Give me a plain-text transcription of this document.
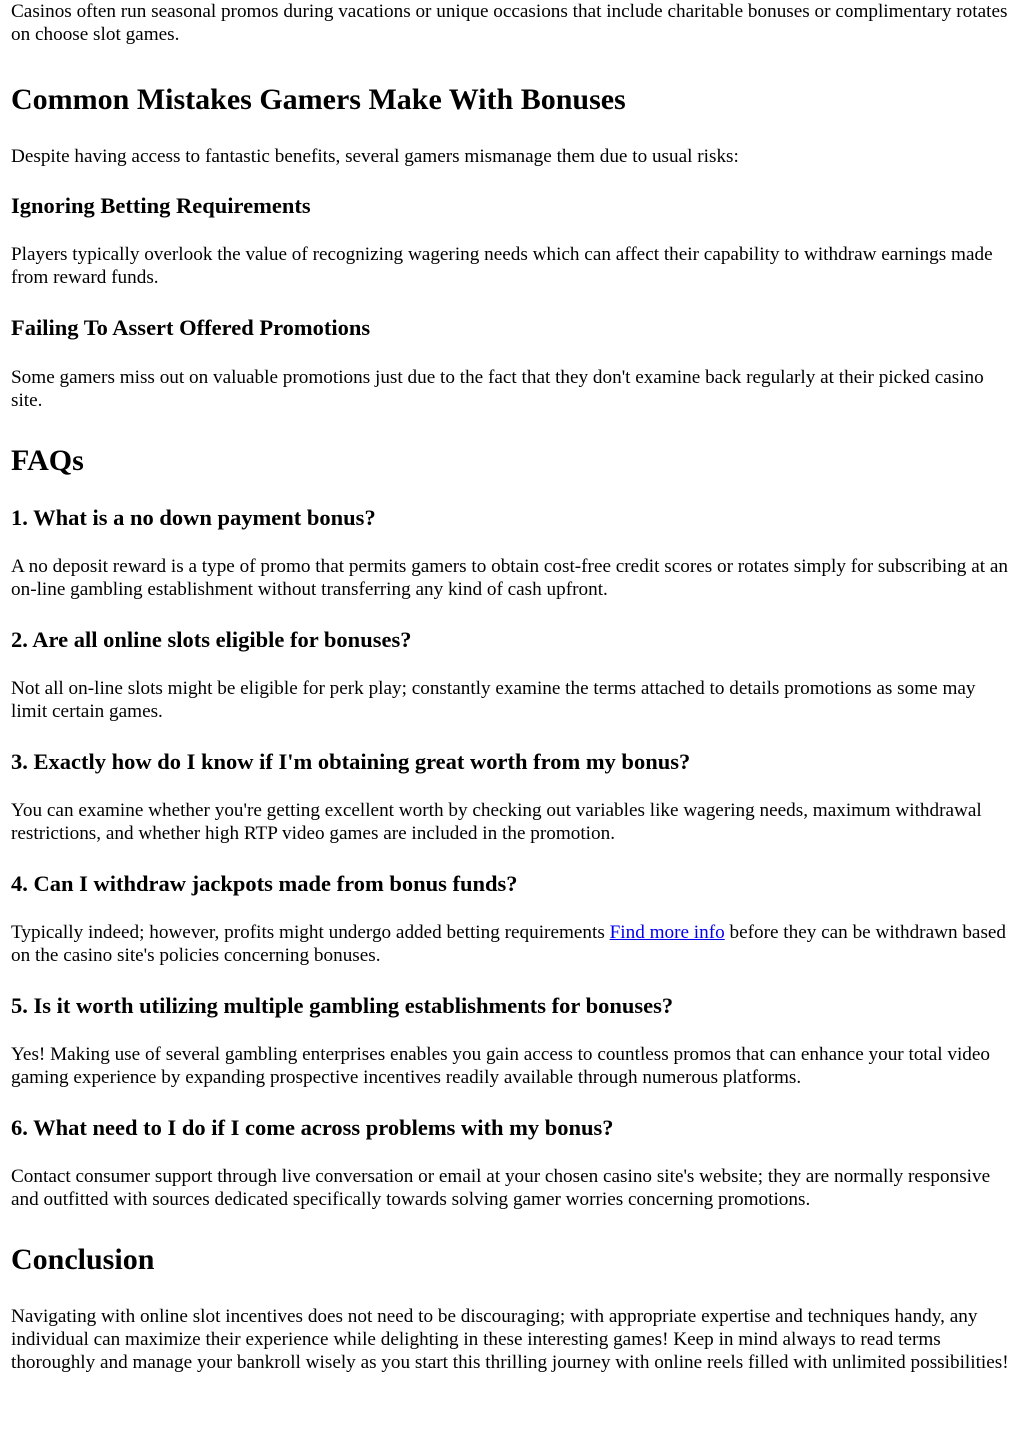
Casinos often run seasonal promos during vacations or unique occasions that include charitable bonuses or complimentary rotates on choose slot games.

Common Mistakes Gamers Make With Bonuses

Despite having access to fantastic benefits, several gamers mismanage them due to usual risks:

Ignoring Betting Requirements

Players typically overlook the value of recognizing wagering needs which can affect their capability to withdraw earnings made from reward funds.

Failing To Assert Offered Promotions

Some gamers miss out on valuable promotions just due to the fact that they don't examine back regularly at their picked casino site.

FAQs
1. What is a no down payment bonus?

A no deposit reward is a type of promo that permits gamers to obtain cost-free credit scores or rotates simply for subscribing at an on-line gambling establishment without transferring any kind of cash upfront.

2. Are all online slots eligible for bonuses?

Not all on-line slots might be eligible for perk play; constantly examine the terms attached to details promotions as some may limit certain games.

3. Exactly how do I know if I'm obtaining great worth from my bonus?

You can examine whether you're getting excellent worth by checking out variables like wagering needs, maximum withdrawal restrictions, and whether high RTP video games are included in the promotion.

4. Can I withdraw jackpots made from bonus funds?

Typically indeed; however, profits might undergo added betting requirements Find more info before they can be withdrawn based on the casino site's policies concerning bonuses.

5. Is it worth utilizing multiple gambling establishments for bonuses?

Yes! Making use of several gambling enterprises enables you gain access to countless promos that can enhance your total video gaming experience by expanding prospective incentives readily available through numerous platforms.

6. What need to I do if I come across problems with my bonus?

Contact consumer support through live conversation or email at your chosen casino site's website; they are normally responsive and outfitted with sources dedicated specifically towards solving gamer worries concerning promotions.

Conclusion

Navigating with online slot incentives does not need to be discouraging; with appropriate expertise and techniques handy, any individual can maximize their experience while delighting in these interesting games! Keep in mind always to read terms thoroughly and manage your bankroll wisely as you start this thrilling journey with online reels filled with unlimited possibilities!
